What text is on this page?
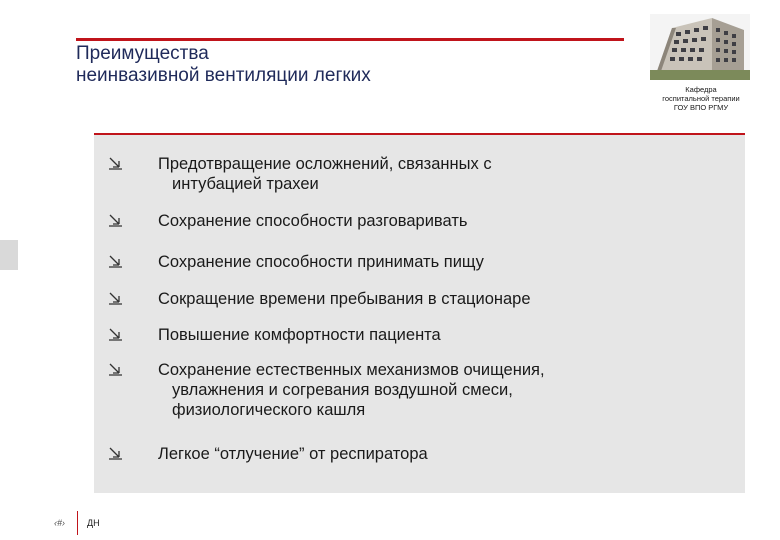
Преимущества
неинвазивной вентиляции легких
Кафедра
госпитальной терапии
ГОУ ВПО РГМУ
Предотвращение осложнений, связанных с
интубацией трахеи
Сохранение способности разговаривать
Сохранение способности принимать пищу
Сокращение времени пребывания в стационаре
Повышение комфортности пациента
Сохранение естественных механизмов очищения,
увлажнения и согревания воздушной смеси,
физиологического кашля
Легкое “отлучение” от респиратора
‹#› ДН
